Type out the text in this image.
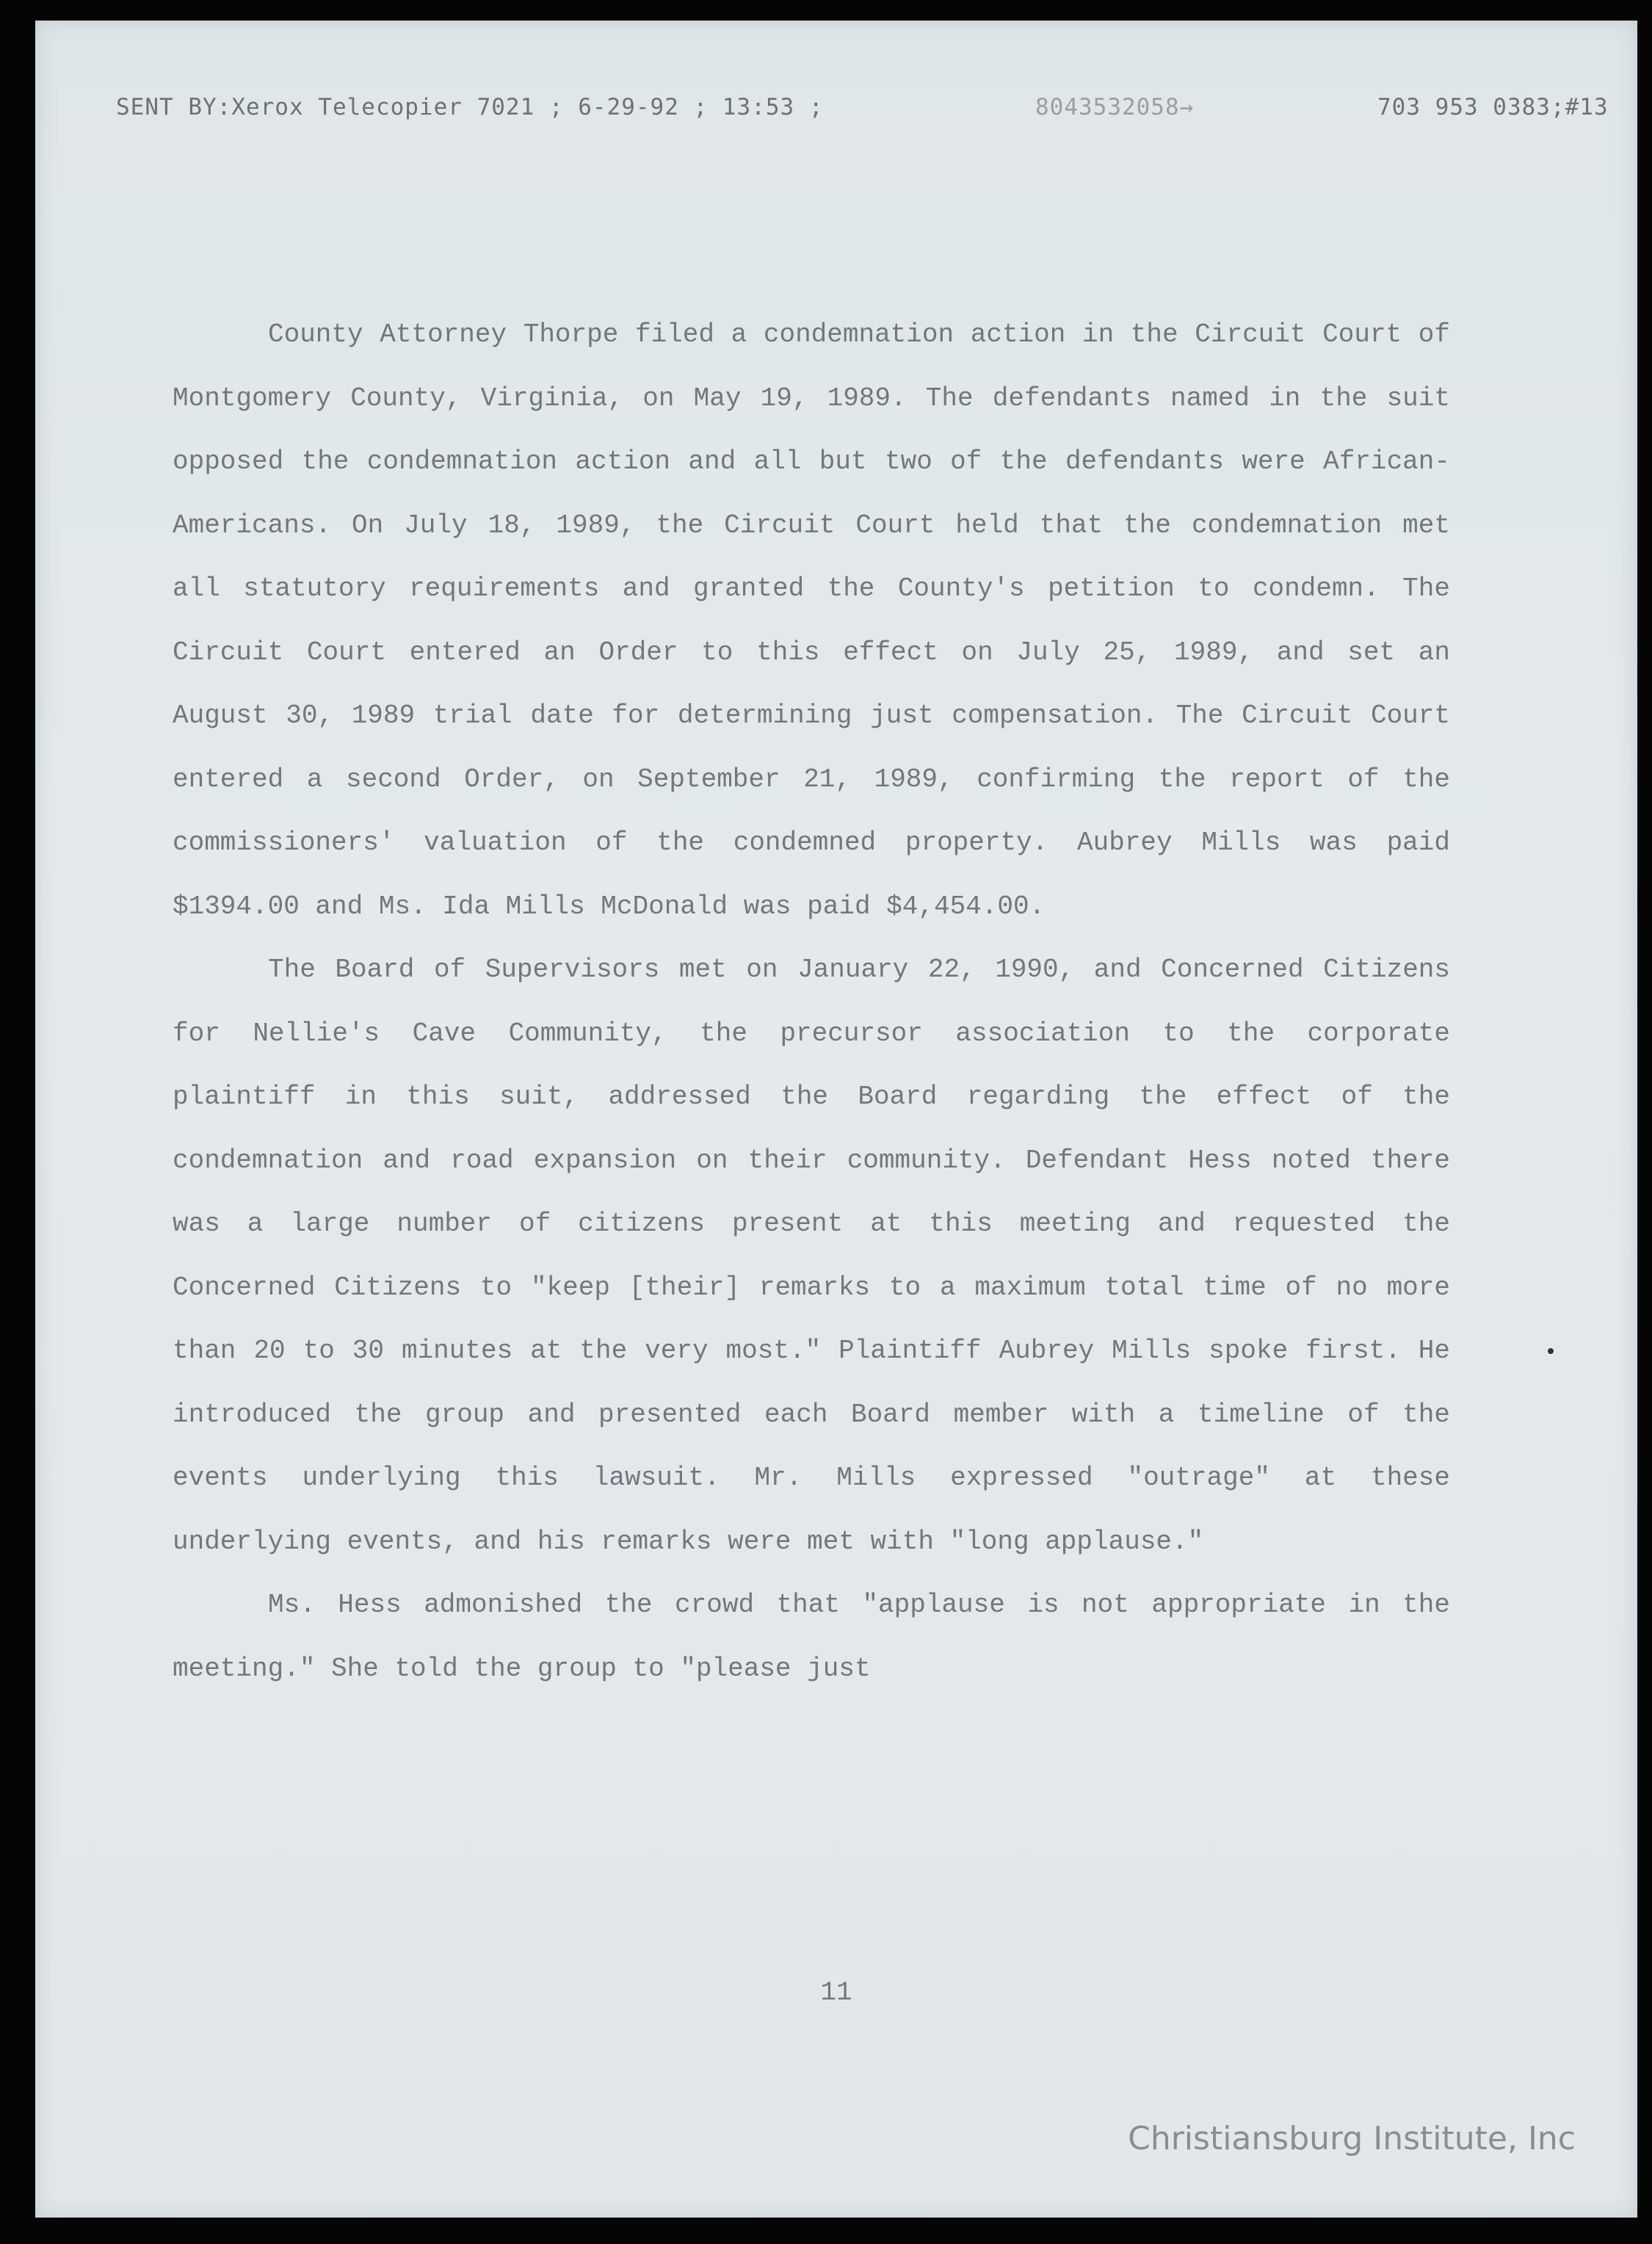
SENT BY:Xerox Telecopier 7021 ; 6-29-92 ; 13:53 ;	8043532058→	703 953 0383;#13

County Attorney Thorpe filed a condemnation action in the Circuit Court of Montgomery County, Virginia, on May 19, 1989. The defendants named in the suit opposed the condemnation action and all but two of the defendants were African-Americans. On July 18, 1989, the Circuit Court held that the condemnation met all statutory requirements and granted the County's petition to condemn. The Circuit Court entered an Order to this effect on July 25, 1989, and set an August 30, 1989 trial date for determining just compensation. The Circuit Court entered a second Order, on September 21, 1989, confirming the report of the commissioners' valuation of the condemned property. Aubrey Mills was paid $1394.00 and Ms. Ida Mills McDonald was paid $4,454.00.

The Board of Supervisors met on January 22, 1990, and Concerned Citizens for Nellie's Cave Community, the precursor association to the corporate plaintiff in this suit, addressed the Board regarding the effect of the condemnation and road expansion on their community. Defendant Hess noted there was a large number of citizens present at this meeting and requested the Concerned Citizens to "keep [their] remarks to a maximum total time of no more than 20 to 30 minutes at the very most." Plaintiff Aubrey Mills spoke first. He introduced the group and presented each Board member with a timeline of the events underlying this lawsuit. Mr. Mills expressed "outrage" at these underlying events, and his remarks were met with "long applause."

Ms. Hess admonished the crowd that "applause is not appropriate in the meeting." She told the group to "please just

11
Christiansburg Institute, Inc
